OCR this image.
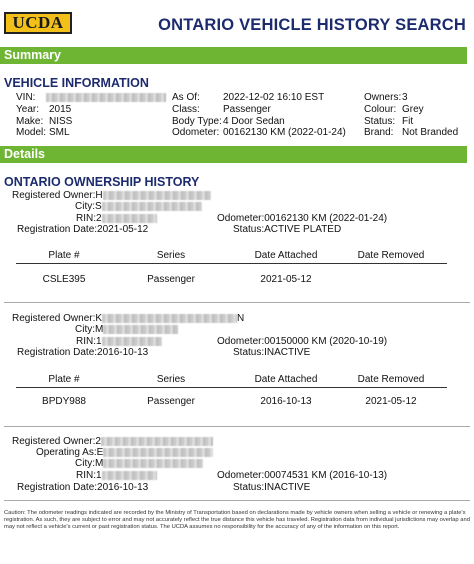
UCDA	ONTARIO VEHICLE HISTORY SEARCH
Summary
VEHICLE INFORMATION
VIN:
Year: 2015
Make: NISS
Model: SML
As Of: 2022-12-02 16:10 EST
Class: Passenger
Body Type:4 Door Sedan
Odometer: 00162130 KM (2022-01-24)
Owners:3
Colour: Grey
Status: Fit
Brand: Not Branded
Details
ONTARIO OWNERSHIP HISTORY
Registered Owner:H
City:S
RIN:2	Odometer:00162130 KM (2022-01-24)
Registration Date:2021-05-12	Status:ACTIVE PLATED
Plate #	Series	Date Attached	Date Removed
CSLE395	Passenger	2021-05-12
Registered Owner:K	N
City:M
RIN:1	Odometer:00150000 KM (2020-10-19)
Registration Date:2016-10-13	Status:INACTIVE
Plate #	Series	Date Attached	Date Removed
BPDY988	Passenger	2016-10-13	2021-05-12
Registered Owner:2
Operating As:E
City:M
RIN:1	Odometer:00074531 KM (2016-10-13)
Registration Date:2016-10-13	Status:INACTIVE
Caution: The odometer readings indicated are recorded by the Ministry of Transportation based on declarations made by vehicle owners when selling a vehicle or renewing a plate's registration. As such, they are subject to error and may not accurately reflect the true distance this vehicle has traveled. Registration data from individual jurisdictions may overlap and may not reflect a vehicle's current or past registration status. The UCDA assumes no responsibility for the accuracy of any of the information on this report.
